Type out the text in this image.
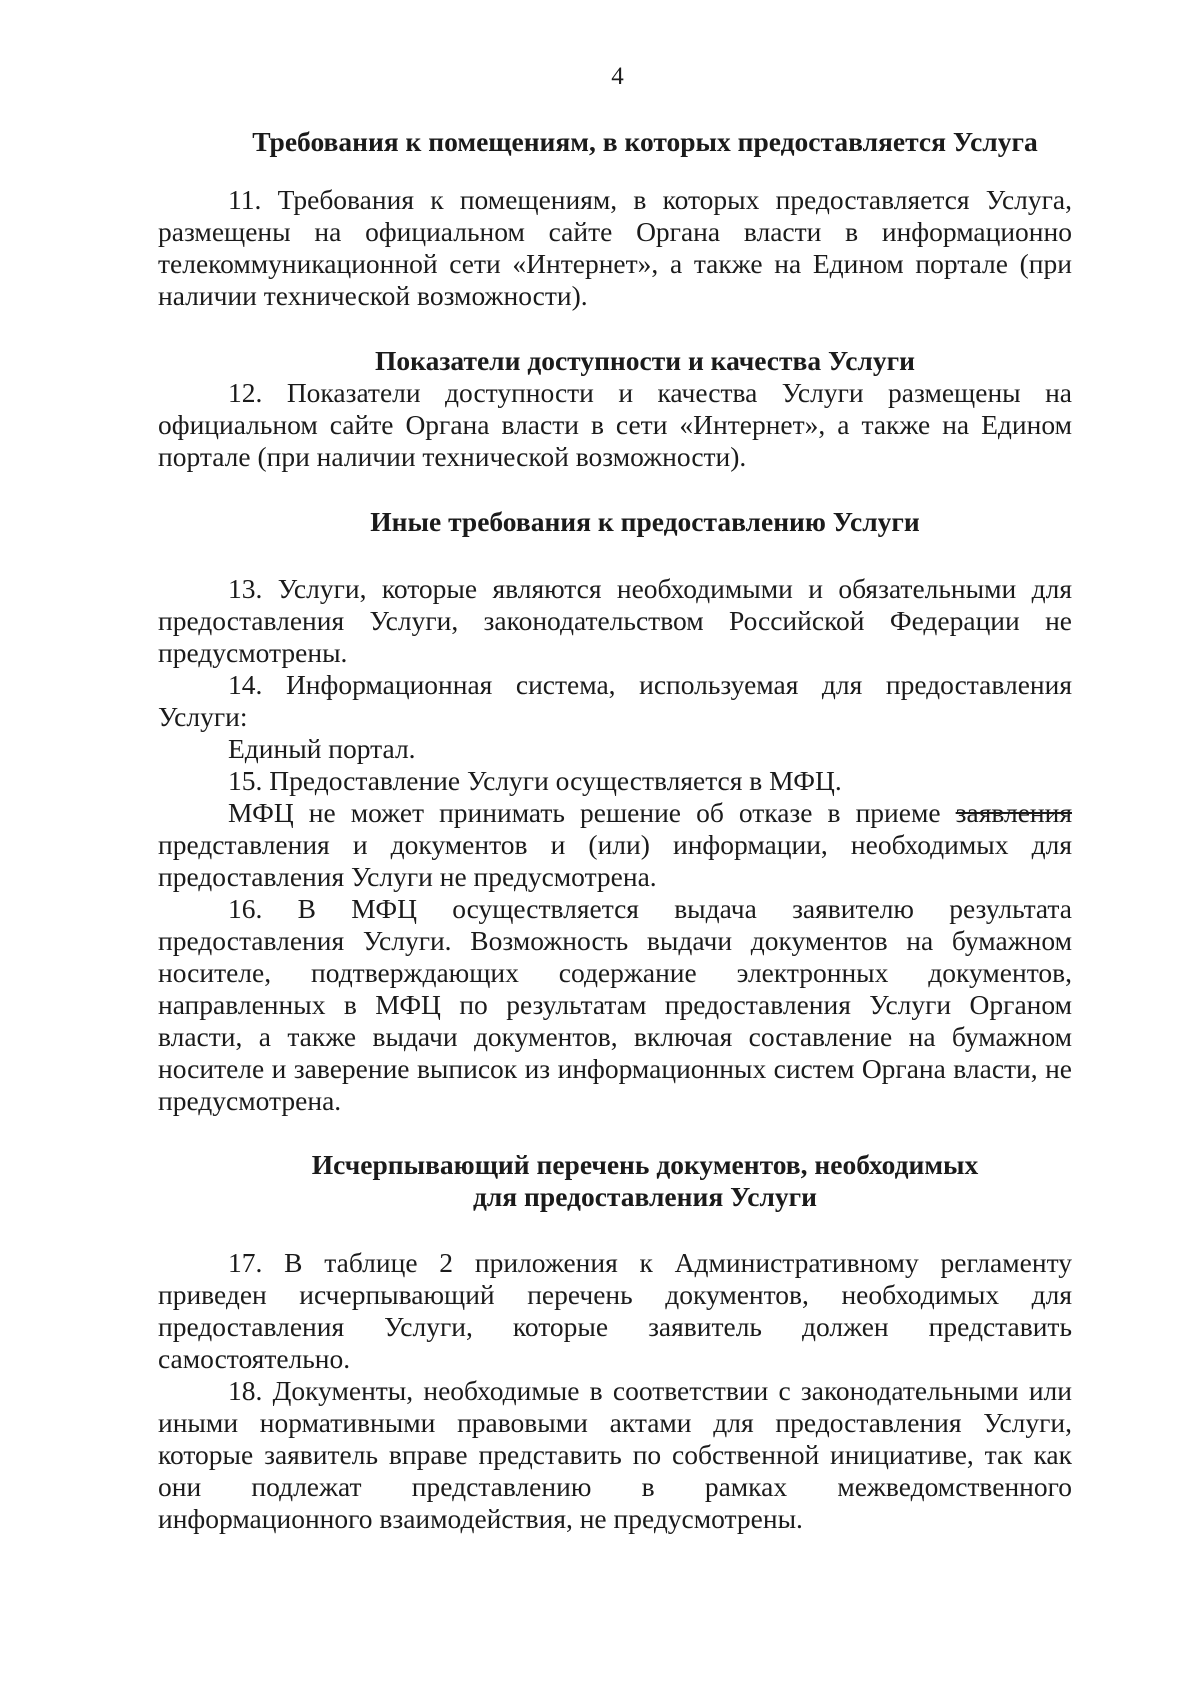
4
Требования к помещениям, в которых предоставляется Услуга

11. Требования к помещениям, в которых предоставляется Услуга, размещены на официальном сайте Органа власти в информационно телекоммуникационной сети «Интернет», а также на Едином портале (при наличии технической возможности).

Показатели доступности и качества Услуги

12. Показатели доступности и качества Услуги размещены на официальном сайте Органа власти в сети «Интернет», а также на Едином портале (при наличии технической возможности).

Иные требования к предоставлению Услуги

13. Услуги, которые являются необходимыми и обязательными для предоставления Услуги, законодательством Российской Федерации не предусмотрены.

14. Информационная система, используемая для предоставления Услуги:

Единый портал.

15. Предоставление Услуги осуществляется в МФЦ.

МФЦ не может принимать решение об отказе в приеме заявления представления и документов и (или) информации, необходимых для предоставления Услуги не предусмотрена.

16. В МФЦ осуществляется выдача заявителю результата предоставления Услуги. Возможность выдачи документов на бумажном носителе, подтверждающих содержание электронных документов, направленных в МФЦ по результатам предоставления Услуги Органом власти, а также выдачи документов, включая составление на бумажном носителе и заверение выписок из информационных систем Органа власти, не предусмотрена.

Исчерпывающий перечень документов, необходимых
для предоставления Услуги

17. В таблице 2 приложения к Административному регламенту приведен исчерпывающий перечень документов, необходимых для предоставления Услуги, которые заявитель должен представить самостоятельно.

18. Документы, необходимые в соответствии с законодательными или иными нормативными правовыми актами для предоставления Услуги, которые заявитель вправе представить по собственной инициативе, так как они подлежат представлению в рамках межведомственного информационного взаимодействия, не предусмотрены.
